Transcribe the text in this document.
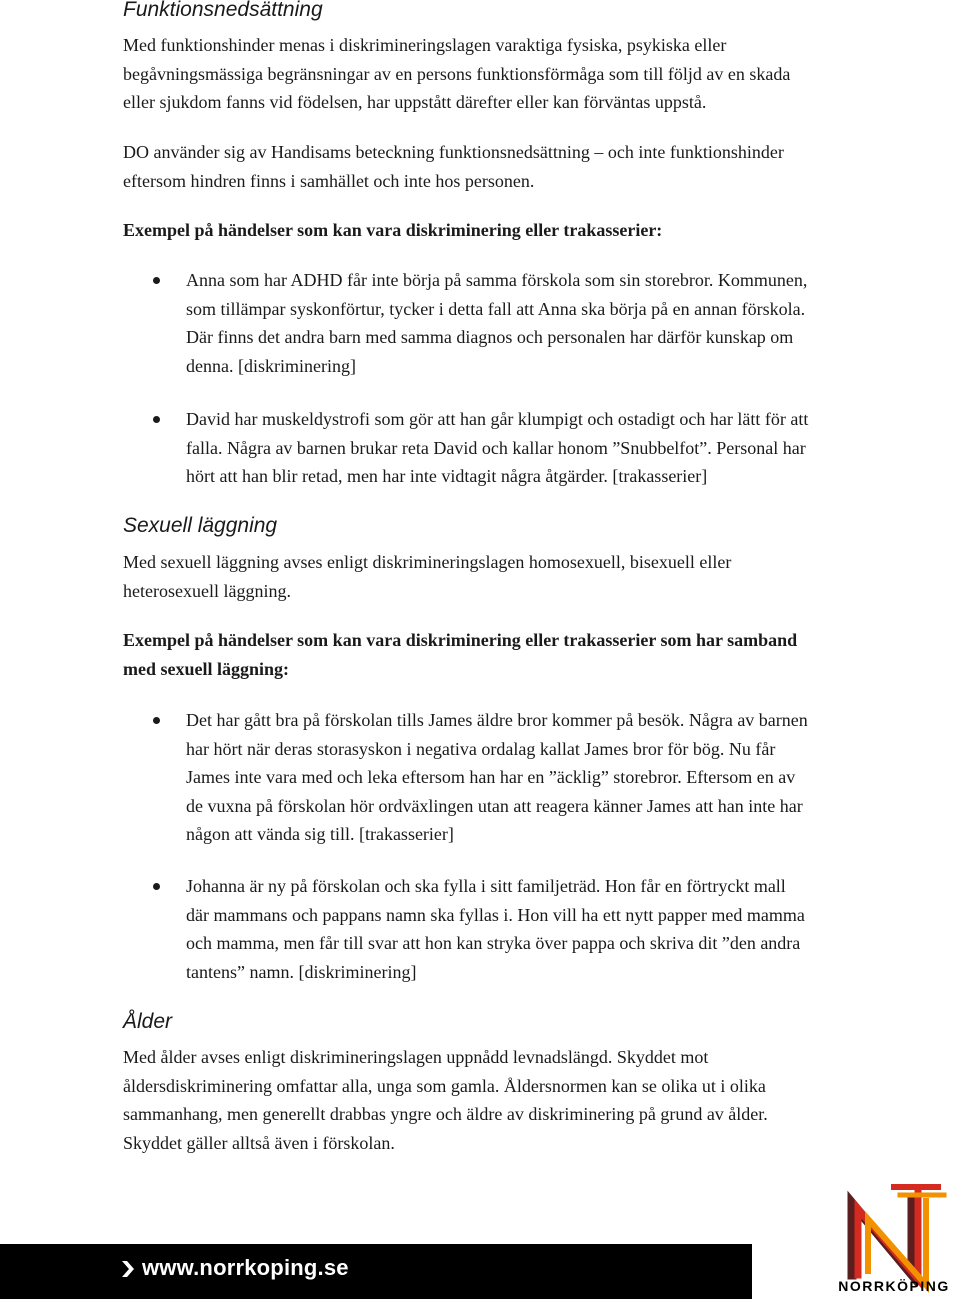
Funktionsnedsättning

Med funktionshinder menas i diskrimineringslagen varaktiga fysiska, psykiska eller
begåvningsmässiga begränsningar av en persons funktionsförmåga som till följd av en skada
eller sjukdom fanns vid födelsen, har uppstått därefter eller kan förväntas uppstå.

DO använder sig av Handisams beteckning funktionsnedsättning – och inte funktionshinder
eftersom hindren finns i samhället och inte hos personen.

Exempel på händelser som kan vara diskriminering eller trakasserier:

Anna som har ADHD får inte börja på samma förskola som sin storebror. Kommunen,
som tillämpar syskonförtur, tycker i detta fall att Anna ska börja på en annan förskola.
Där finns det andra barn med samma diagnos och personalen har därför kunskap om
denna. [diskriminering]
David har muskeldystrofi som gör att han går klumpigt och ostadigt och har lätt för att
falla. Några av barnen brukar reta David och kallar honom ”Snubbelfot”. Personal har
hört att han blir retad, men har inte vidtagit några åtgärder. [trakasserier]
Sexuell läggning

Med sexuell läggning avses enligt diskrimineringslagen homosexuell, bisexuell eller
heterosexuell läggning.

Exempel på händelser som kan vara diskriminering eller trakasserier som har samband
med sexuell läggning:

Det har gått bra på förskolan tills James äldre bror kommer på besök. Några av barnen
har hört när deras storasyskon i negativa ordalag kallat James bror för bög. Nu får
James inte vara med och leka eftersom han har en ”äcklig” storebror. Eftersom en av
de vuxna på förskolan hör ordväxlingen utan att reagera känner James att han inte har
någon att vända sig till. [trakasserier]
Johanna är ny på förskolan och ska fylla i sitt familjeträd. Hon får en förtryckt mall
där mammans och pappans namn ska fyllas i. Hon vill ha ett nytt papper med mamma
och mamma, men får till svar att hon kan stryka över pappa och skriva dit ”den andra
tantens” namn. [diskriminering]
Ålder

Med ålder avses enligt diskrimineringslagen uppnådd levnadslängd. Skyddet mot
åldersdiskriminering omfattar alla, unga som gamla. Åldersnormen kan se olika ut i olika
sammanhang, men generellt drabbas yngre och äldre av diskriminering på grund av ålder.
Skyddet gäller alltså även i förskolan.

www.norrkoping.se
NORRKÖPING
